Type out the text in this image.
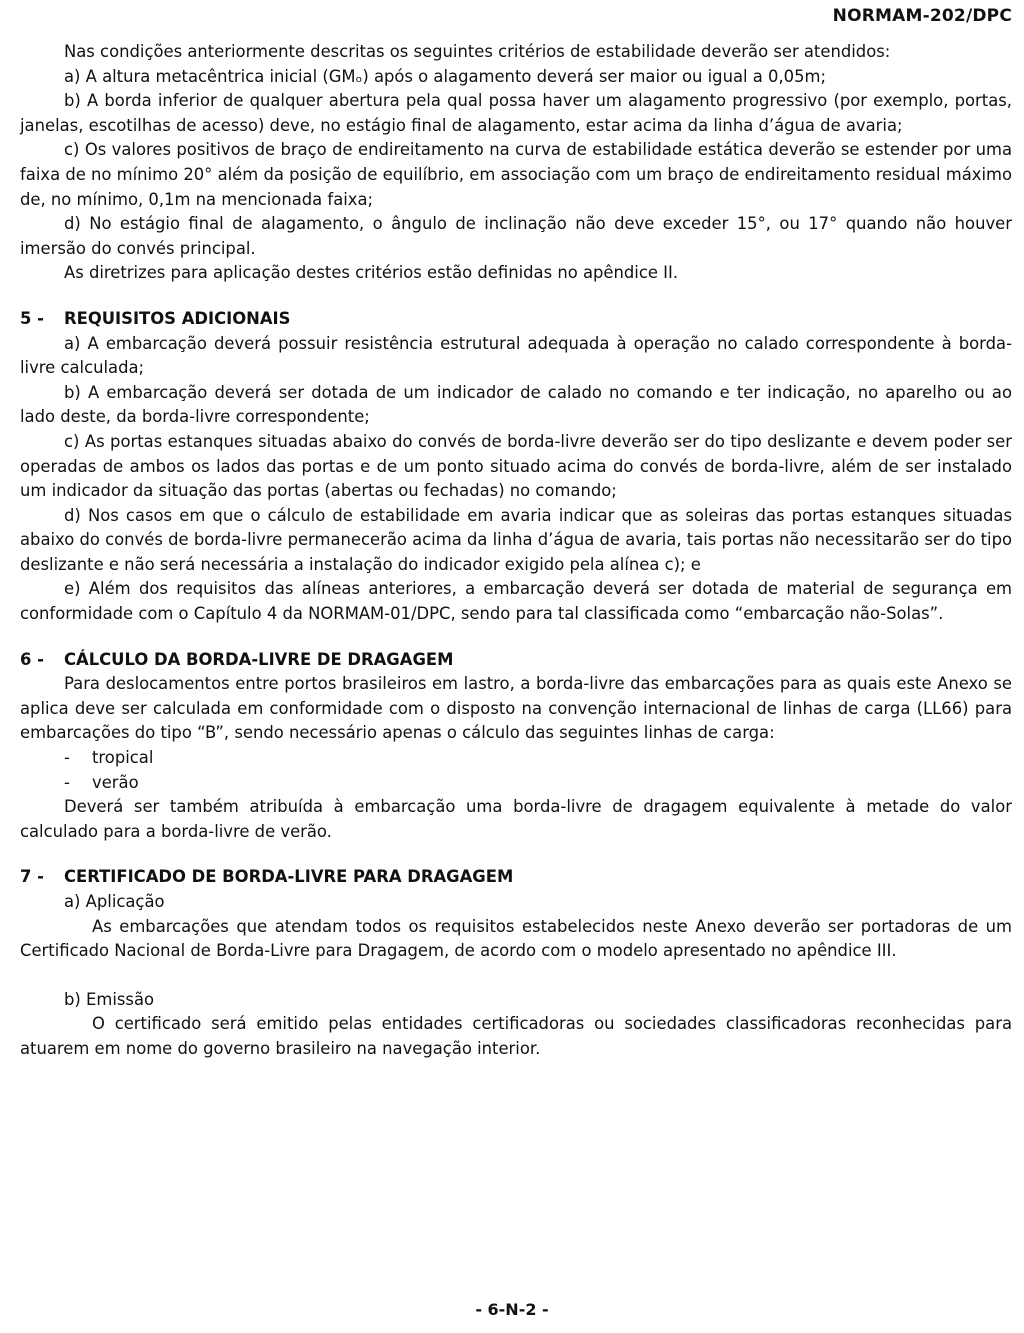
NORMAM-202/DPC

Nas condições anteriormente descritas os seguintes critérios de estabilidade deverão ser atendidos:

a) A altura metacêntrica inicial (GMₒ) após o alagamento deverá ser maior ou igual a 0,05m;

b) A borda inferior de qualquer abertura pela qual possa haver um alagamento progressivo (por exemplo, portas, janelas, escotilhas de acesso) deve, no estágio final de alagamento, estar acima da linha d’água de avaria;

c) Os valores positivos de braço de endireitamento na curva de estabilidade estática deverão se estender por uma faixa de no mínimo 20° além da posição de equilíbrio, em associação com um braço de endireitamento residual máximo de, no mínimo, 0,1m na mencionada faixa;

d) No estágio final de alagamento, o ângulo de inclinação não deve exceder 15°, ou 17° quando não houver imersão do convés principal.

As diretrizes para aplicação destes critérios estão definidas no apêndice II.

5 -	REQUISITOS ADICIONAIS

a) A embarcação deverá possuir resistência estrutural adequada à operação no calado correspondente à borda-livre calculada;

b) A embarcação deverá ser dotada de um indicador de calado no comando e ter indicação, no aparelho ou ao lado deste, da borda-livre correspondente;

c) As portas estanques situadas abaixo do convés de borda-livre deverão ser do tipo deslizante e devem poder ser operadas de ambos os lados das portas e de um ponto situado acima do convés de borda-livre, além de ser instalado um indicador da situação das portas (abertas ou fechadas) no comando;

d) Nos casos em que o cálculo de estabilidade em avaria indicar que as soleiras das portas estanques situadas abaixo do convés de borda-livre permanecerão acima da linha d’água de avaria, tais portas não necessitarão ser do tipo deslizante e não será necessária a instalação do indicador exigido pela alínea c); e

e) Além dos requisitos das alíneas anteriores, a embarcação deverá ser dotada de material de segurança em conformidade com o Capítulo 4 da NORMAM-01/DPC, sendo para tal classificada como “embarcação não-Solas”.

6 -	CÁLCULO DA BORDA-LIVRE DE DRAGAGEM

Para deslocamentos entre portos brasileiros em lastro, a borda-livre das embarcações para as quais este Anexo se aplica deve ser calculada em conformidade com o disposto na convenção internacional de linhas de carga (LL66) para embarcações do tipo “B”, sendo necessário apenas o cálculo das seguintes linhas de carga:

-	tropical
-	verão

Deverá ser também atribuída à embarcação uma borda-livre de dragagem equivalente à metade do valor calculado para a borda-livre de verão.

7 -	CERTIFICADO DE BORDA-LIVRE PARA DRAGAGEM

a) Aplicação

As embarcações que atendam todos os requisitos estabelecidos neste Anexo deverão ser portadoras de um Certificado Nacional de Borda-Livre para Dragagem, de acordo com o modelo apresentado no apêndice III.

b) Emissão

O certificado será emitido pelas entidades certificadoras ou sociedades classificadoras reconhecidas para atuarem em nome do governo brasileiro na navegação interior.

- 6-N-2 -
